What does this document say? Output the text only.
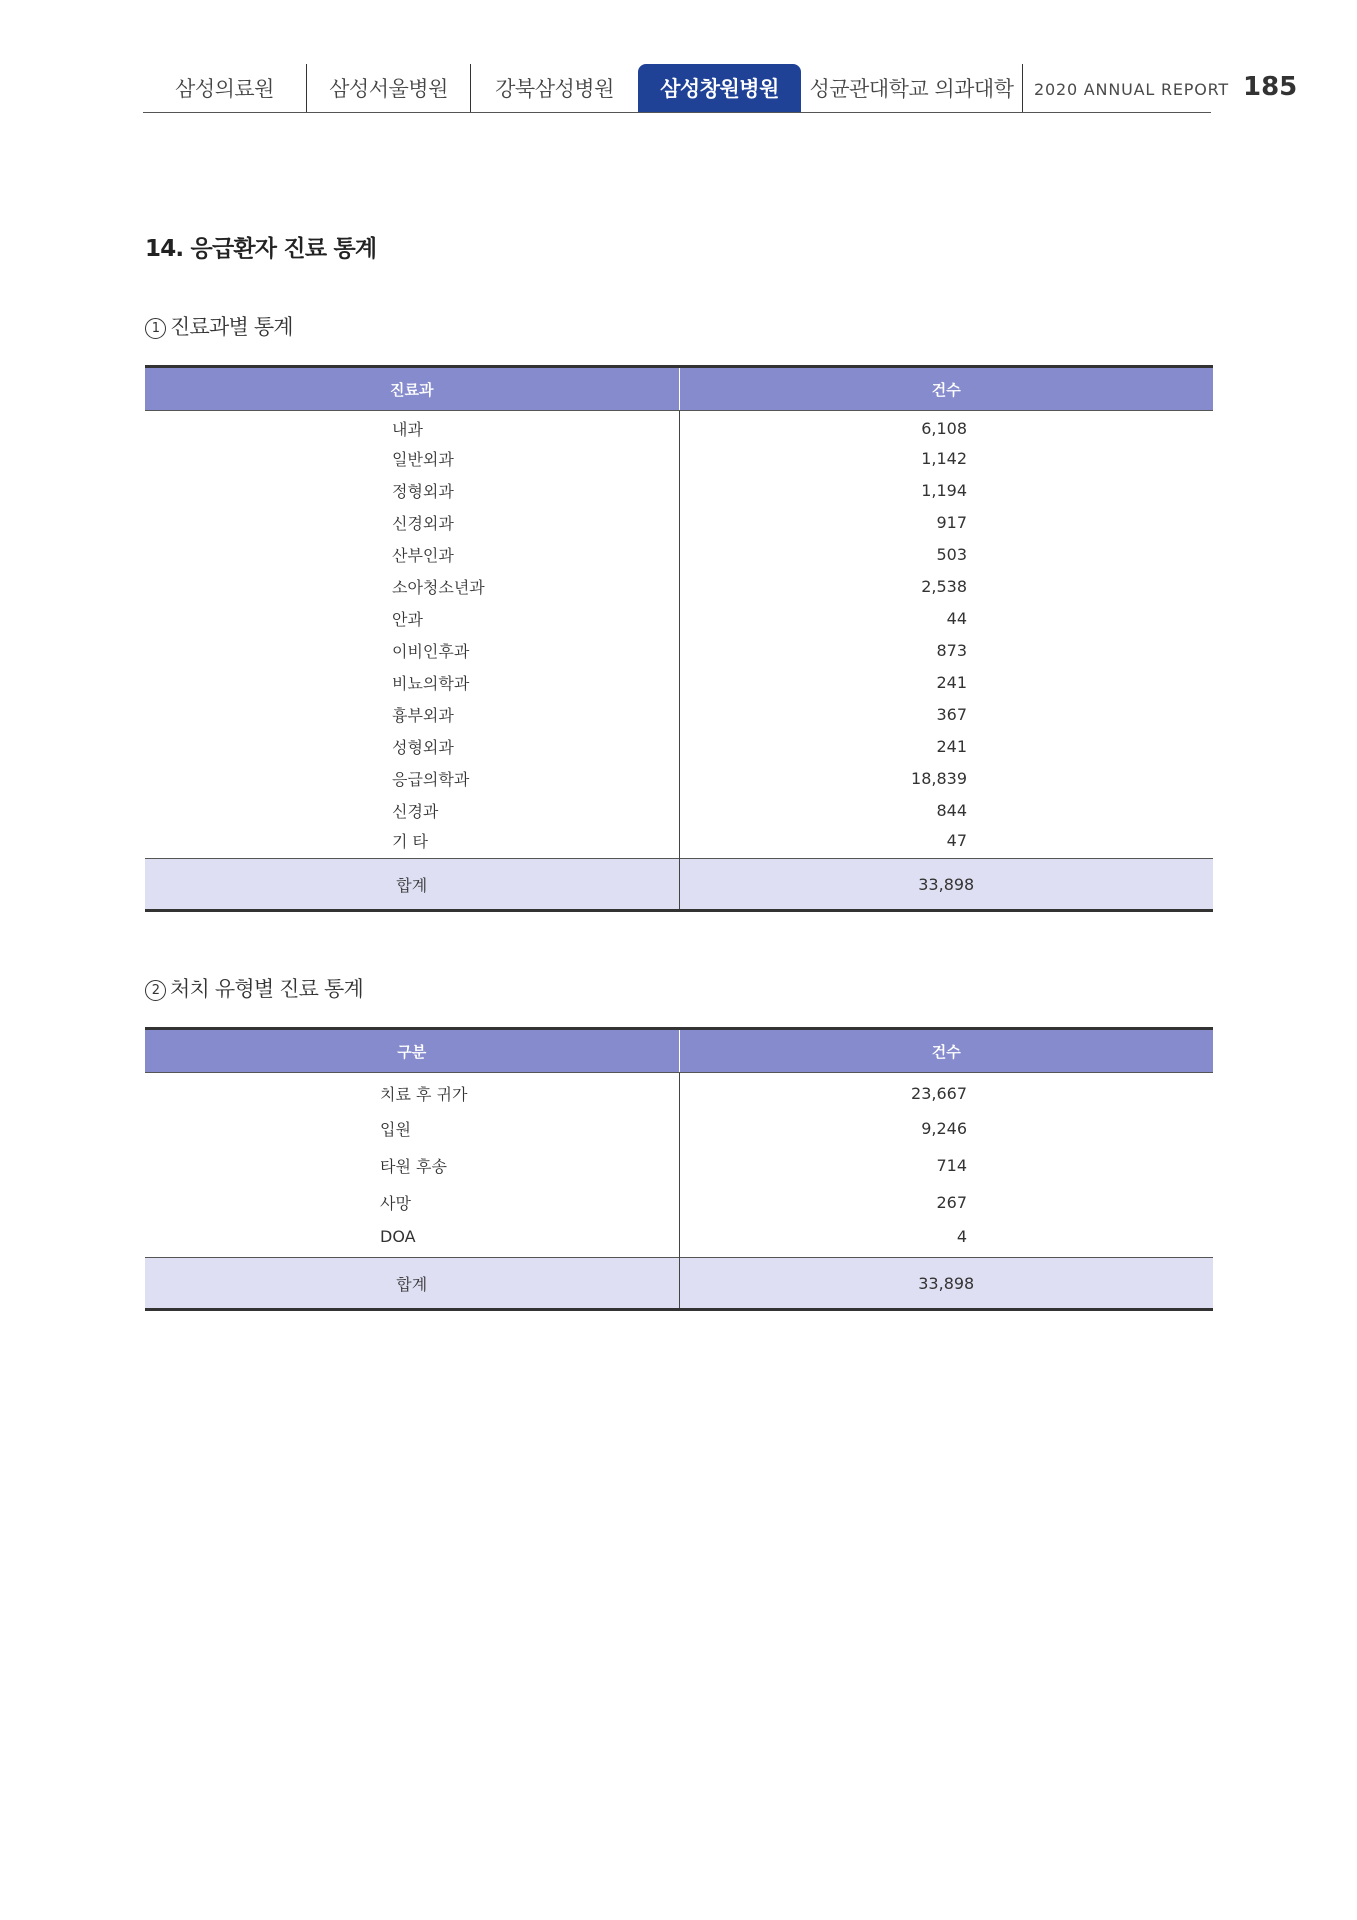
삼성의료원	삼성서울병원	강북삼성병원	삼성창원병원	성균관대학교 의과대학	2020 ANNUAL REPORT 185
14. 응급환자 진료 통계
1 진료과별 통계
진료과	건수
내과	6,108
일반외과	1,142
정형외과	1,194
신경외과	917
산부인과	503
소아청소년과	2,538
안과	44
이비인후과	873
비뇨의학과	241
흉부외과	367
성형외과	241
응급의학과	18,839
신경과	844
기 타	47
합계	33,898
2 처치 유형별 진료 통계
구분	건수
치료 후 귀가	23,667
입원	9,246
타원 후송	714
사망	267
DOA	4
합계	33,898
